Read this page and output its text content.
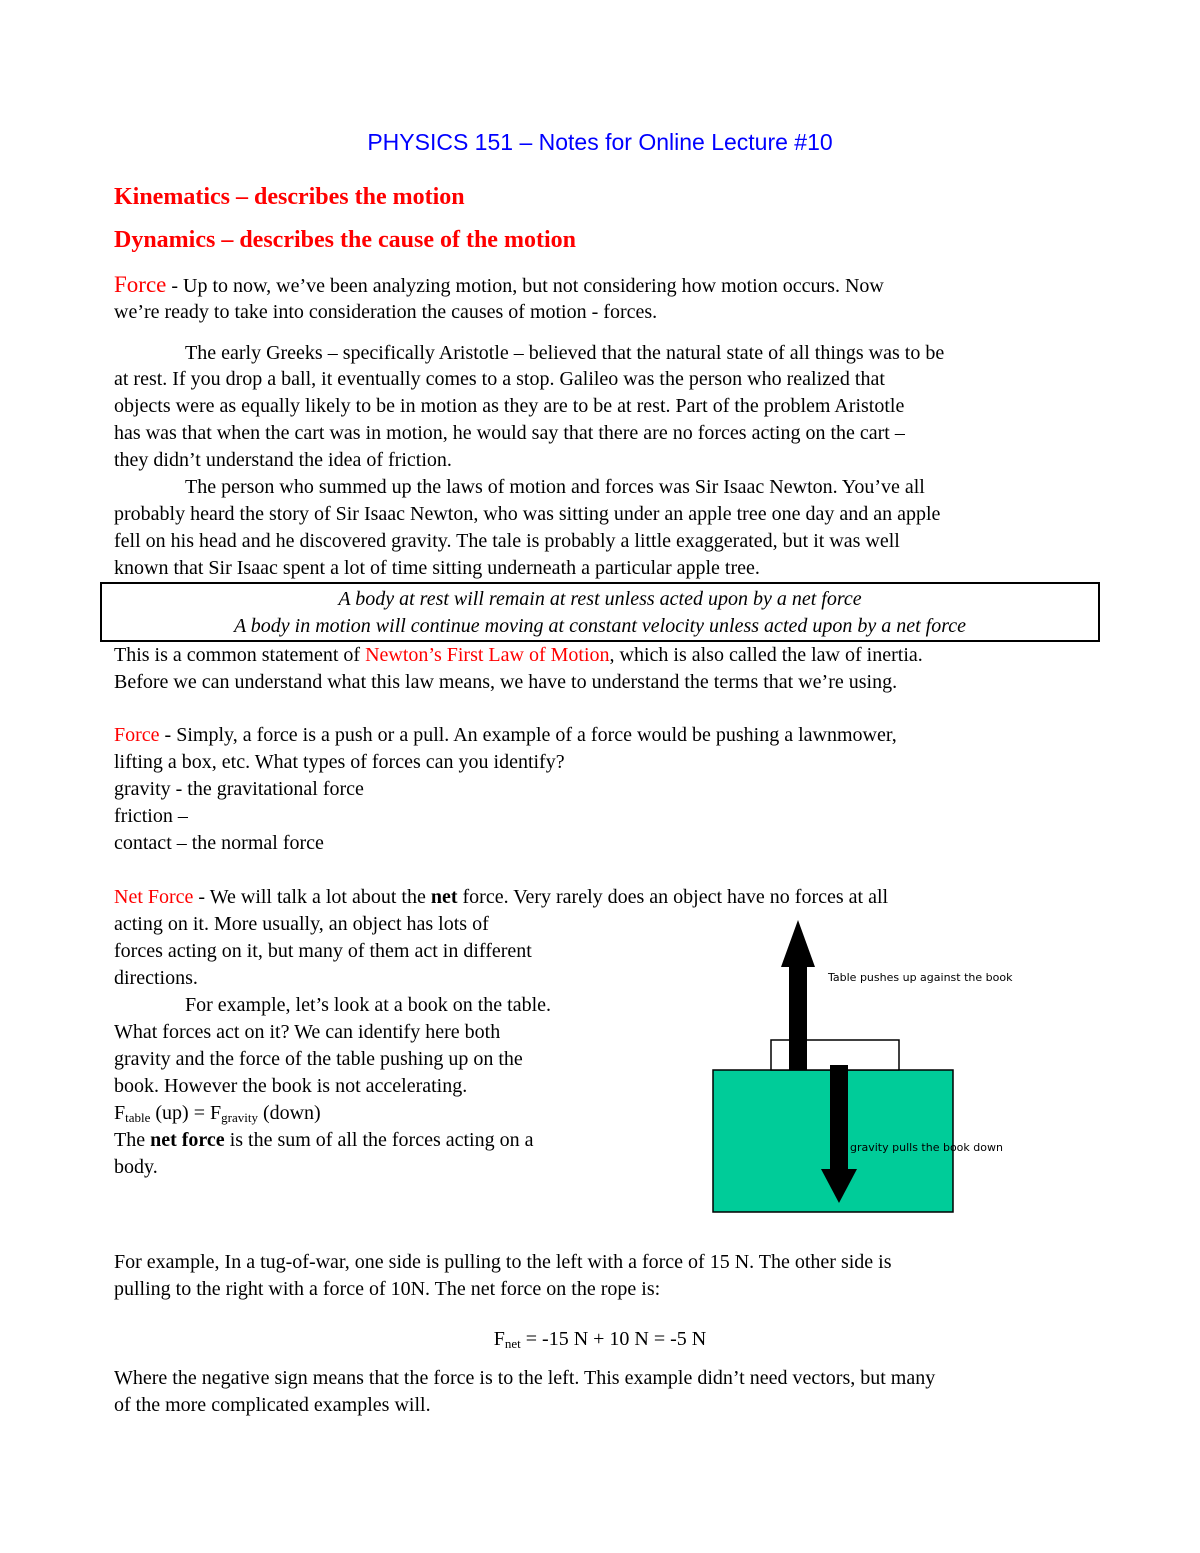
PHYSICS 151 – Notes for Online Lecture #10
Kinematics – describes the motion
Dynamics – describes the cause of the motion
Force - Up to now, we’ve been analyzing motion, but not considering how motion occurs. Now
we’re ready to take into consideration the causes of motion - forces.
The early Greeks – specifically Aristotle – believed that the natural state of all things was to be
at rest. If you drop a ball, it eventually comes to a stop. Galileo was the person who realized that
objects were as equally likely to be in motion as they are to be at rest. Part of the problem Aristotle
has was that when the cart was in motion, he would say that there are no forces acting on the cart –
they didn’t understand the idea of friction.
The person who summed up the laws of motion and forces was Sir Isaac Newton. You’ve all
probably heard the story of Sir Isaac Newton, who was sitting under an apple tree one day and an apple
fell on his head and he discovered gravity. The tale is probably a little exaggerated, but it was well
known that Sir Isaac spent a lot of time sitting underneath a particular apple tree.
A body at rest will remain at rest unless acted upon by a net force
A body in motion will continue moving at constant velocity unless acted upon by a net force
This is a common statement of Newton’s First Law of Motion, which is also called the law of inertia.
Before we can understand what this law means, we have to understand the terms that we’re using.
Force - Simply, a force is a push or a pull. An example of a force would be pushing a lawnmower,
lifting a box, etc. What types of forces can you identify?
gravity - the gravitational force
friction –
contact – the normal force
Net Force - We will talk a lot about the net force. Very rarely does an object have no forces at all
acting on it. More usually, an object has lots of
forces acting on it, but many of them act in different
directions.
For example, let’s look at a book on the table.
What forces act on it? We can identify here both
gravity and the force of the table pushing up on the
book. However the book is not accelerating.
$F_{table}$ $(up) = F_{gravity}$ (down)
The net force is the sum of all the forces acting on a
body.
Table pushes up against the book
gravity pulls the book down
For example, In a tug-of-war, one side is pulling to the left with a force of 15 N. The other side is
pulling to the right with a force of 10N. The net force on the rope is:
$F_{net} = -15$ N + 10 N = -5 N
Where the negative sign means that the force is to the left. This example didn’t need vectors, but many
of the more complicated examples will.
